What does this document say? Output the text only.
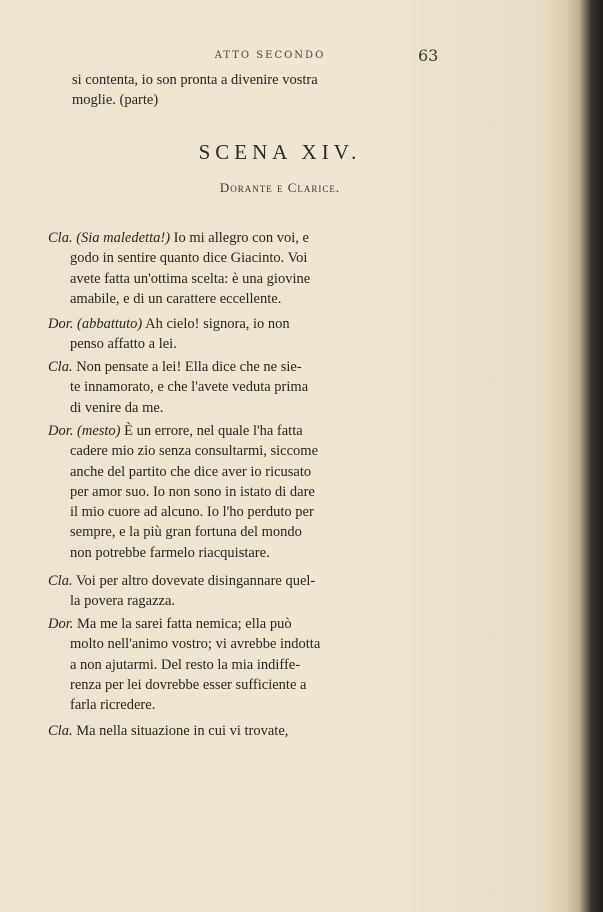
ATTO SECONDO	63
si contenta, io son pronta a divenire vostra
moglie. (parte)
SCENA XIV.
Dorante e Clarice.
Cla. (Sia maledetta!) Io mi allegro con voi, e
godo in sentire quanto dice Giacinto. Voi
avete fatta un'ottima scelta: è una giovine
amabile, e di un carattere eccellente.
Dor. (abbattuto) Ah cielo! signora, io non
penso affatto a lei.
Cla. Non pensate a lei! Ella dice che ne sie-
te innamorato, e che l'avete veduta prima
di venire da me.
Dor. (mesto) È un errore, nel quale l'ha fatta
cadere mio zio senza consultarmi, siccome
anche del partito che dice aver io ricusato
per amor suo. Io non sono in istato di dare
il mio cuore ad alcuno. Io l'ho perduto per
sempre, e la più gran fortuna del mondo
non potrebbe farmelo riacquistare.
Cla. Voi per altro dovevate disingannare quel-
la povera ragazza.
Dor. Ma me la sarei fatta nemica; ella può
molto nell'animo vostro; vi avrebbe indotta
a non ajutarmi. Del resto la mia indiffe-
renza per lei dovrebbe esser sufficiente a
farla ricredere.
Cla. Ma nella situazione in cui vi trovate,
